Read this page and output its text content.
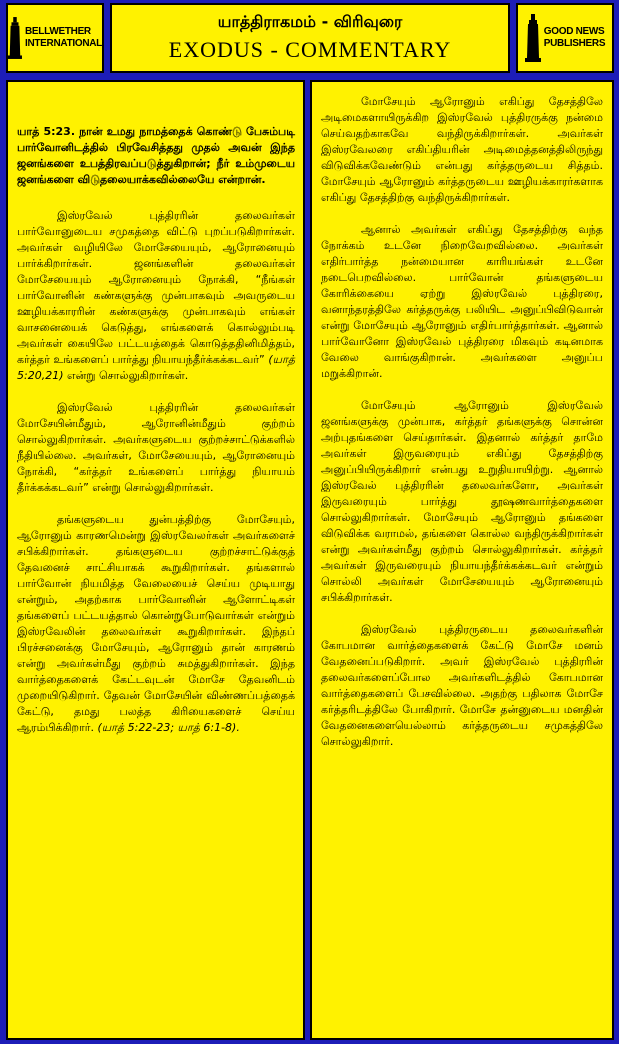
BELLWETHER
INTERNATIONAL
யாத்திராகமம் - விரிவுரை
EXODUS - COMMENTARY
GOOD NEWS
PUBLISHERS

யாத் 5:23. நான் உமது நாமத்தைக் கொண்டு பேசும்படி பார்வோனிடத்தில் பிரவேசித்தது முதல் அவன் இந்த ஜனங்களை உபத்திரவப்படுத்துகிறான்; நீர் உம்முடைய ஜனங்களை விடுதலையாக்கவில்லையே என்றான்.

இஸ்ரவேல் புத்திரரின் தலைவர்கள் பார்வோனுடைய சமுகத்தை விட்டு புறப்படுகிறார்கள். அவர்கள் வழியிலே மோசேயையும், ஆரோனையும் பார்க்கிறார்கள். ஜனங்களின் தலைவர்கள் மோசேயையும் ஆரோனையும் நோக்கி, “நீங்கள் பார்வோனின் கண்களுக்கு முன்பாகவும் அவருடைய ஊழியக்காரரின் கண்களுக்கு முன்பாகவும் எங்கள் வாசனையைக் கெடுத்து, எங்களைக் கொல்லும்படி அவர்கள் கையிலே பட்டயத்தைக் கொடுத்ததினிமித்தம், கர்த்தர் உங்களைப் பார்த்து நியாயந்தீர்க்கக்கடவர்” (யாத் 5:20,21) என்று சொல்லுகிறார்கள்.

இஸ்ரவேல் புத்திரரின் தலைவர்கள் மோசேயின்மீதும், ஆரோனின்மீதும் குற்றம் சொல்லுகிறார்கள். அவர்களுடைய குற்றச்சாட்டுக்களில் நீதியில்லை. அவர்கள், மோசேயையும், ஆரோனையும் நோக்கி, “கர்த்தர் உங்களைப் பார்த்து நியாயம் தீர்க்கக்கடவர்” என்று சொல்லுகிறார்கள்.

தங்களுடைய துன்பத்திற்கு மோசேயும், ஆரோனும் காரணமென்று இஸ்ரவேலர்கள் அவர்களைச் சபிக்கிறார்கள். தங்களுடைய குற்றச்சாட்டுக்குத் தேவனைச் சாட்சியாகக் கூறுகிறார்கள். தங்களால் பார்வோன் நியமித்த வேலையைச் செய்ய முடியாது என்றும், அதற்காக பார்வோனின் ஆளோட்டிகள் தங்களைப் பட்டயத்தால் கொன்றுபோடுவார்கள் என்றும் இஸ்ரவேலின் தலைவர்கள் கூறுகிறார்கள். இந்தப் பிரச்சனைக்கு மோசேயும், ஆரோனும் தான் காரணம் என்று அவர்கள்மீது குற்றம் சுமத்துகிறார்கள். இந்த வார்த்தைகளைக் கேட்டவுடன் மோசே தேவனிடம் முறையிடுகிறார். தேவன் மோசேயின் விண்ணப்பத்தைக் கேட்டு, தமது பலத்த கிரியைகளைச் செய்ய ஆரம்பிக்கிறார். (யாத் 5:22-23; யாத் 6:1-8).

மோசேயும் ஆரோனும் எகிப்து தேசத்திலே அடிமைகளாயிருக்கிற இஸ்ரவேல் புத்திரருக்கு நன்மை செய்வதற்காகவே வந்திருக்கிறார்கள். அவர்கள் இஸ்ரவேலரை எகிப்தியரின் அடிமைத்தனத்திலிருந்து விடுவிக்கவேண்டும் என்பது கர்த்தருடைய சித்தம். மோசேயும் ஆரோனும் கர்த்தருடைய ஊழியக்காரர்களாக எகிப்து தேசத்திற்கு வந்திருக்கிறார்கள்.

ஆனால் அவர்கள் எகிப்து தேசத்திற்கு வந்த நோக்கம் உடனே நிறைவேறவில்லை. அவர்கள் எதிர்பார்த்த நன்மையான காரியங்கள் உடனே நடைபெறவில்லை. பார்வோன் தங்களுடைய கோரிக்கையை ஏற்று இஸ்ரவேல் புத்திரரை, வனாந்தரத்திலே கர்த்தருக்கு பலியிட அனுப்பிவிடுவான் என்று மோசேயும் ஆரோனும் எதிர்பார்த்தார்கள். ஆனால் பார்வோனோ இஸ்ரவேல் புத்திரரை மிகவும் கடினமாக வேலை வாங்குகிறான். அவர்களை அனுப்ப மறுக்கிறான்.

மோசேயும் ஆரோனும் இஸ்ரவேல் ஜனங்களுக்கு முன்பாக, கர்த்தர் தங்களுக்கு சொன்ன அற்புதங்களை செய்தார்கள். இதனால் கர்த்தர் தாமே அவர்கள் இருவரையும் எகிப்து தேசத்திற்கு அனுப்பியிருக்கிறார் என்பது உறுதியாயிற்று. ஆனால் இஸ்ரவேல் புத்திரரின் தலைவர்களோ, அவர்கள் இருவரையும் பார்த்து தூஷணவார்த்தைகளை சொல்லுகிறார்கள். மோசேயும் ஆரோனும் தங்களை விடுவிக்க வராமல், தங்களை கொல்ல வந்திருக்கிறார்கள் என்று அவர்கள்மீது குற்றம் சொல்லுகிறார்கள். கர்த்தர் அவர்கள் இருவரையும் நியாயந்தீர்க்கக்கடவர் என்றும் சொல்லி அவர்கள் மோசேயையும் ஆரோனையும் சபிக்கிறார்கள்.

இஸ்ரவேல் புத்திரருடைய தலைவர்களின் கோபமான வார்த்தைகளைக் கேட்டு மோசே மனம் வேதனைப்படுகிறார். அவர் இஸ்ரவேல் புத்திரரின் தலைவர்களைப்போல அவர்களிடத்தில் கோபமான வார்த்தைகளைப் பேசவில்லை. அதற்கு பதிலாக மோசே கர்த்தரிடத்திலே போகிறார். மோசே தன்னுடைய மனதின் வேதனைகளையெல்லாம் கர்த்தருடைய சமுகத்திலே சொல்லுகிறார்.
